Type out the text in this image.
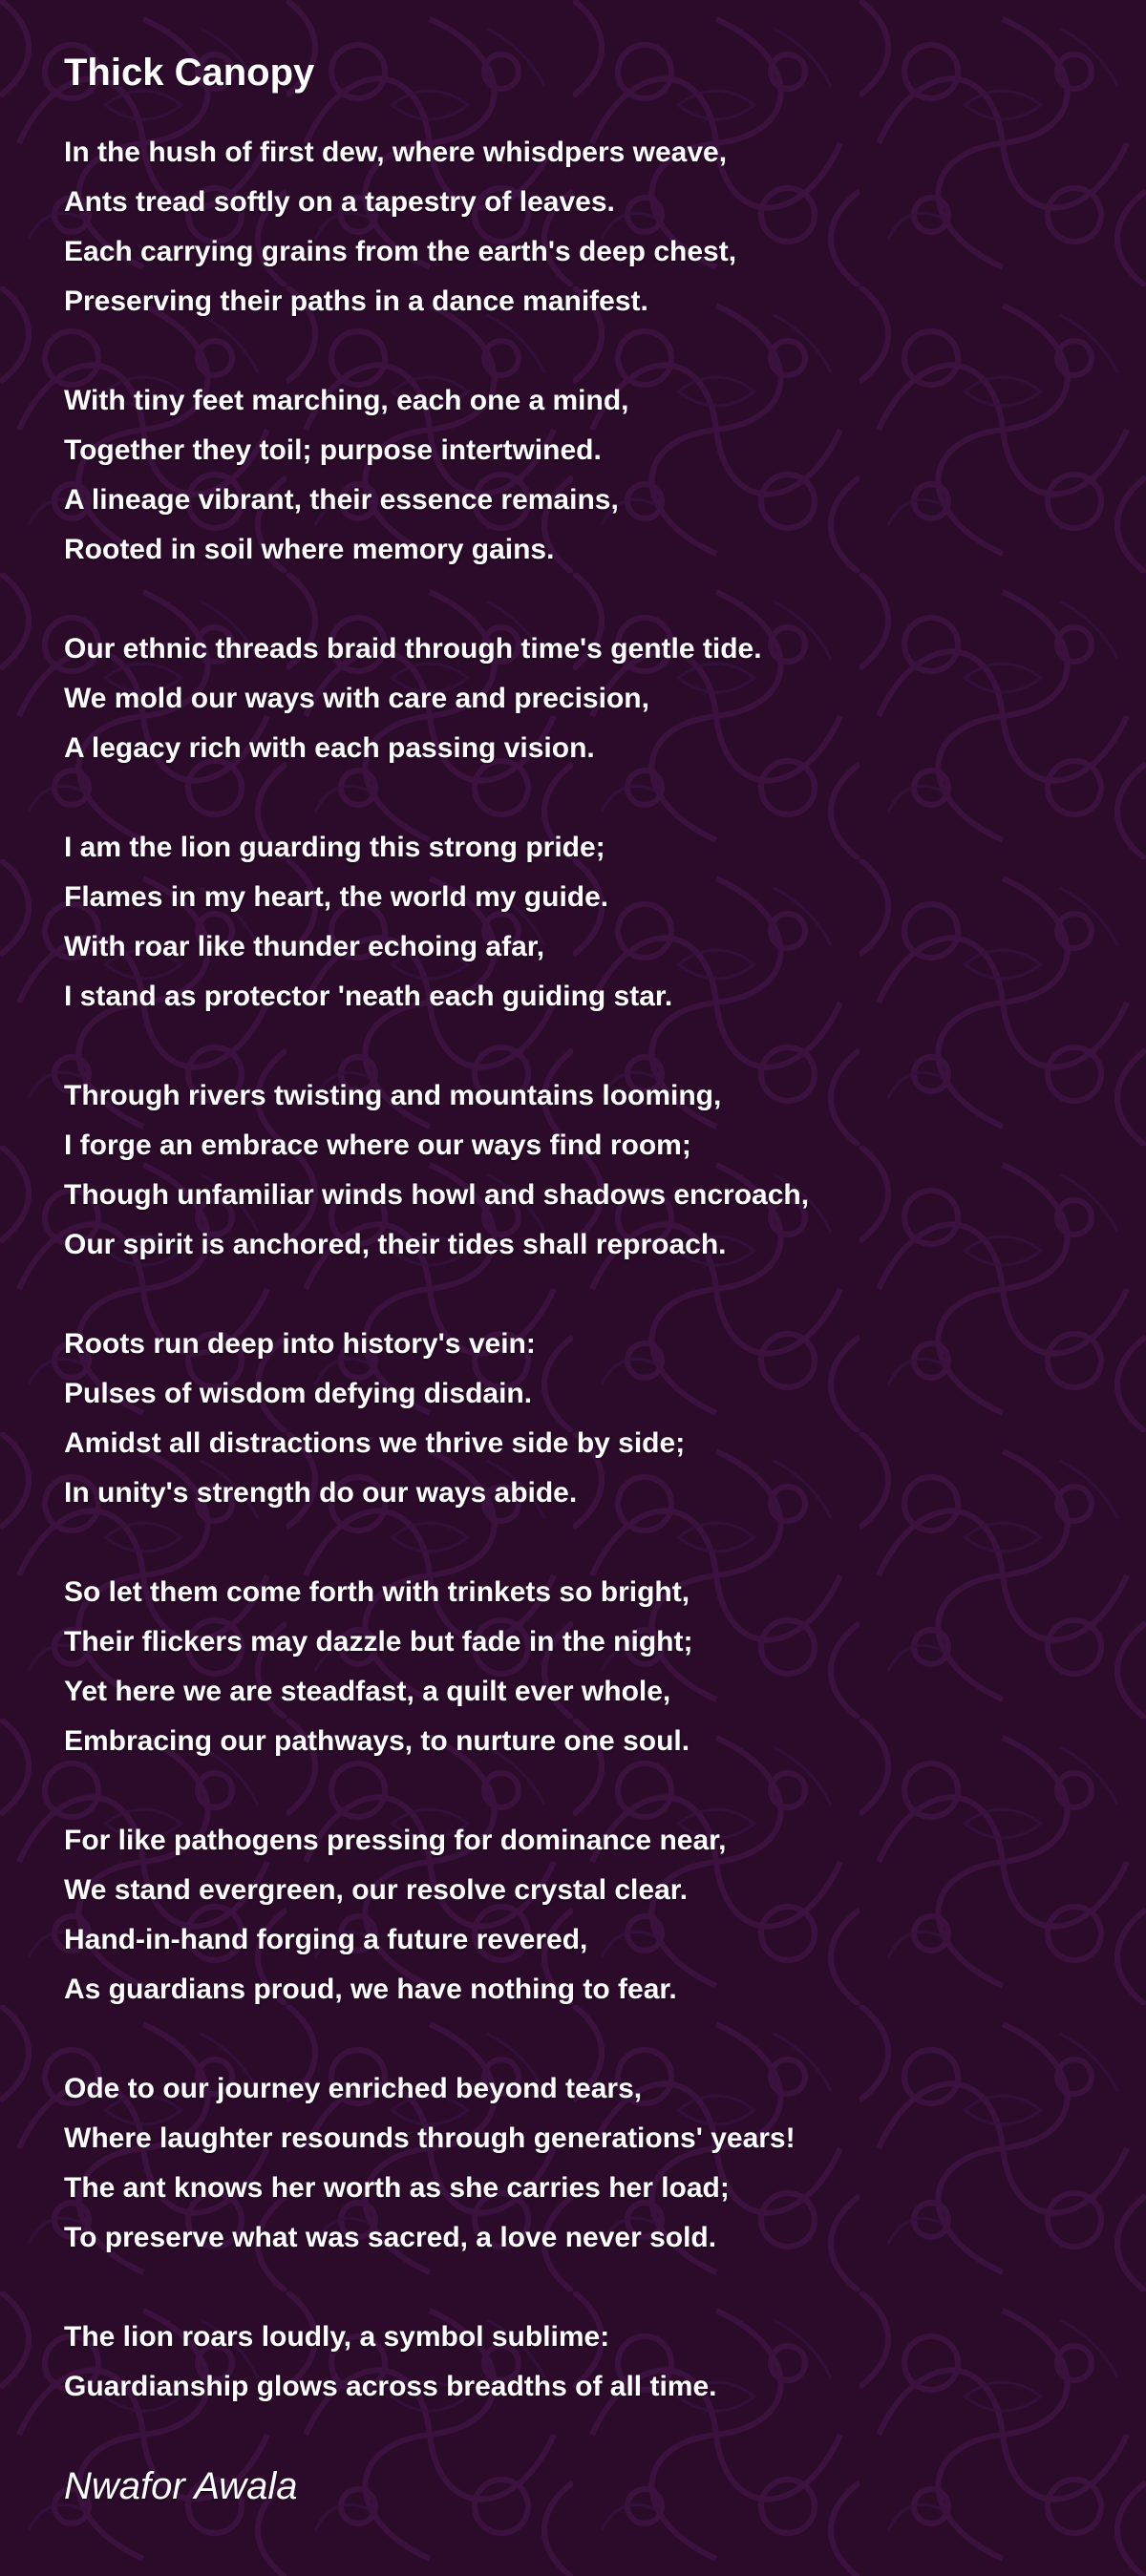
Thick Canopy
In the hush of first dew, where whisdpers weave,
Ants tread softly on a tapestry of leaves.
Each carrying grains from the earth's deep chest,
Preserving their paths in a dance manifest.
With tiny feet marching, each one a mind,
Together they toil; purpose intertwined.
A lineage vibrant, their essence remains,
Rooted in soil where memory gains.
Our ethnic threads braid through time's gentle tide.
We mold our ways with care and precision,
A legacy rich with each passing vision.
I am the lion guarding this strong pride;
Flames in my heart, the world my guide.
With roar like thunder echoing afar,
I stand as protector 'neath each guiding star.
Through rivers twisting and mountains looming,
I forge an embrace where our ways find room;
Though unfamiliar winds howl and shadows encroach,
Our spirit is anchored, their tides shall reproach.
Roots run deep into history's vein:
Pulses of wisdom defying disdain.
Amidst all distractions we thrive side by side;
In unity's strength do our ways abide.
So let them come forth with trinkets so bright,
Their flickers may dazzle but fade in the night;
Yet here we are steadfast, a quilt ever whole,
Embracing our pathways, to nurture one soul.
For like pathogens pressing for dominance near,
We stand evergreen, our resolve crystal clear.
Hand-in-hand forging a future revered,
As guardians proud, we have nothing to fear.
Ode to our journey enriched beyond tears,
Where laughter resounds through generations' years!
The ant knows her worth as she carries her load;
To preserve what was sacred, a love never sold.
The lion roars loudly, a symbol sublime:
Guardianship glows across breadths of all time.
Nwafor Awala
